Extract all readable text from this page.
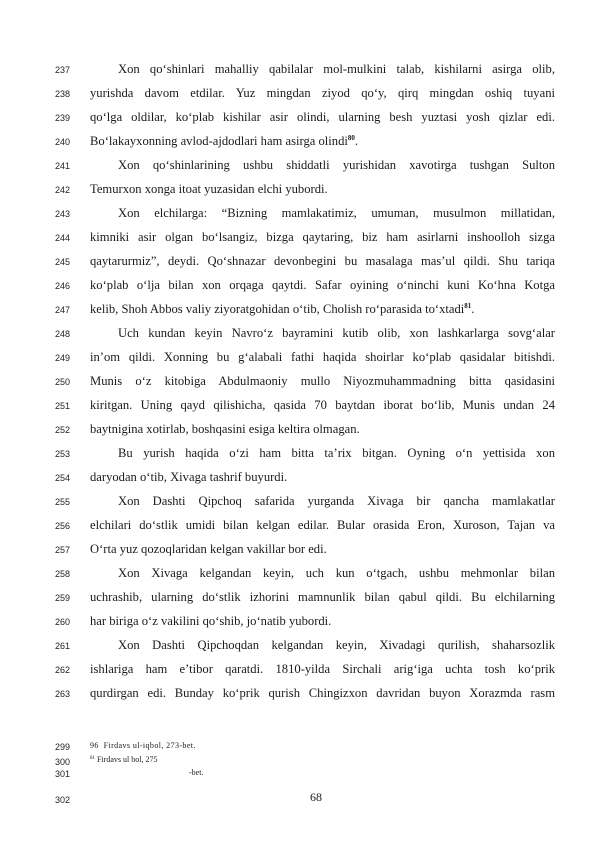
237
238
239
240
241
242
243
244
245
246
247
248
249
250
251
252
253
254
255
256
257
258
259
260
261
262
263
299
300
301
302
Xon qo‘shinlari mahalliy qabilalar mol-mulkini talab, kishilarni asirga olib,
yurishda davom etdilar. Yuz mingdan ziyod qo‘y, qirq mingdan oshiq tuyani
qo‘lga oldilar, ko‘plab kishilar asir olindi, ularning besh yuztasi yosh qizlar edi.
Bo‘lakayxonning avlod-ajdodlari ham asirga olindi$^{80}$.
Xon qo‘shinlarining ushbu shiddatli yurishidan xavotirga tushgan Sulton
Temurxon xonga itoat yuzasidan elchi yubordi.
Xon elchilarga: “Bizning mamlakatimiz, umuman, musulmon millatidan,
kimniki asir olgan bo‘lsangiz, bizga qaytaring, biz ham asirlarni inshoolloh sizga
qaytarurmiz”, deydi. Qo‘shnazar devonbegini bu masalaga mas’ul qildi. Shu tariqa
ko‘plab o‘lja bilan xon orqaga qaytdi. Safar oyining o‘ninchi kuni Ko‘hna Kotga
kelib, Shoh Abbos valiy ziyoratgohidan o‘tib, Cholish ro‘parasida to‘xtadi$^{81}$.
Uch kundan keyin Navro‘z bayramini kutib olib, xon lashkarlarga sovg‘alar
in’om qildi. Xonning bu g‘alabali fathi haqida shoirlar ko‘plab qasidalar bitishdi.
Munis o‘z kitobiga Abdulmaoniy mullo Niyozmuhammadning bitta qasidasini
kiritgan. Uning qayd qilishicha, qasida 70 baytdan iborat bo‘lib, Munis undan 24
baytnigina xotirlab, boshqasini esiga keltira olmagan.
Bu yurish haqida o‘zi ham bitta ta’rix bitgan. Oyning o‘n yettisida xon
daryodan o‘tib, Xivaga tashrif buyurdi.
Xon Dashti Qipchoq safarida yurganda Xivaga bir qancha mamlakatlar
elchilari do‘stlik umidi bilan kelgan edilar. Bular orasida Eron, Xuroson, Tajan va
O‘rta yuz qozoqlaridan kelgan vakillar bor edi.
Xon Xivaga kelgandan keyin, uch kun o‘tgach, ushbu mehmonlar bilan
uchrashib, ularning do‘stlik izhorini mamnunlik bilan qabul qildi. Bu elchilarning
har biriga o‘z vakilini qo‘shib, jo‘natib yubordi.
Xon Dashti Qipchoqdan kelgandan keyin, Xivadagi qurilish, shaharsozlik
ishlariga ham e’tibor qaratdi. 1810-yilda Sirchali arig‘iga uchta tosh ko‘prik
qurdirgan edi. Bunday ko‘prik qurish Chingizxon davridan buyon Xorazmda rasm
96 Firdavs ul-iqbol, 273-bet.
$^{81}$ Firdavs ul bol, 275
-bet.
68
